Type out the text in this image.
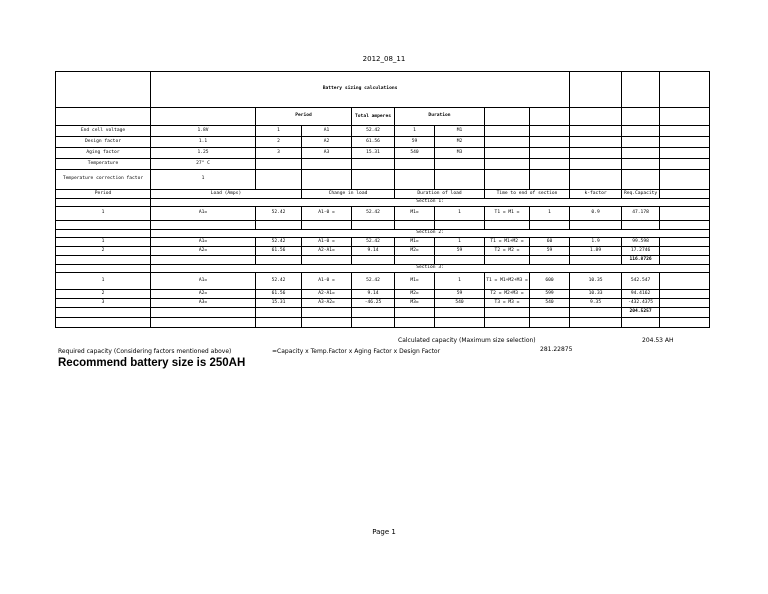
2012_08_11
	Battery sizing calculations										
		Period		Total amperes	Duration						
End cell voltage	1.8V	1	A1	52.42	1	M1					
Design factor	1.1	2	A2	61.56	59	M2					
Aging factor	1.25	3	A3	15.31	540	M3					
Temperature	27° C										
Temperature correction factor	1										
Period	Load (Amps)		Change in load		Duration of load		Time to end of section		k-factor	Req.Capacity	
	Section 1:										
1	A1=	52.42	A1-0 =	52.42	M1=	1	T1 = M1 =	1	0.9	47.178	

	Section 2:										
1	A1=	52.42	A1-0 =	52.42	M1=	1	T1 = M1+M2 =	60	1.9	99.598	
2	A2=	61.56	A2-A1=	9.14	M2=	59	T2 = M2 =	59	1.89	17.2746	
										116.8726	
	Section 3:										
1	A1=	52.42	A1-0 =	52.42	M1=	1	T1 = M1+M2+M3 =	600	10.35	542.547	
2	A2=	61.56	A2-A1=	9.14	M2=	59	T2 = M2+M3 =	599	10.33	94.4162	
3	A3=	15.31	A3-A2=	-46.25	M3=	540	T3 = M3 =	540	9.35	-432.4375	
										204.5257	

Calculated capacity (Maximum size selection)	204.53 AH
Required capacity (Considering factors mentioned above)	=Capacity x Temp.Factor x Aging Factor x Design Factor	281.22875
Recommend battery size is 250AH
Page 1
